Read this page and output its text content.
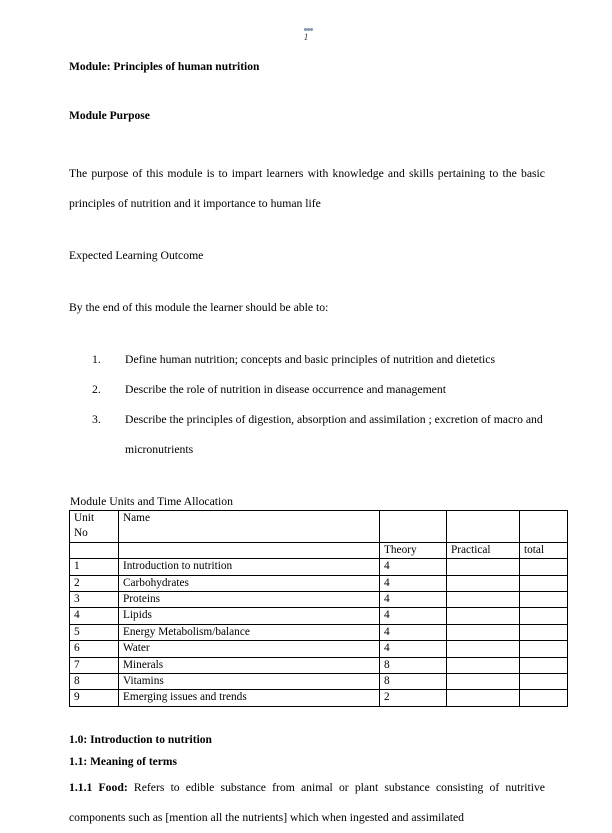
1
Module: Principles of human nutrition
Module Purpose

The purpose of this module is to impart learners with knowledge and skills pertaining to the basic principles of nutrition and it importance to human life

Expected Learning Outcome

By the end of this module the learner should be able to:

Define human nutrition; concepts and basic principles of nutrition and dietetics
Describe the role of nutrition in disease occurrence and management
Describe the principles of digestion, absorption and assimilation ; excretion of macro and micronutrients

Module Units and Time Allocation

Unit
No	Name			
		Theory	Practical	total
1	Introduction to nutrition	4		
2	Carbohydrates	4		
3	Proteins	4		
4	Lipids	4		
5	Energy Metabolism/balance	4		
6	Water	4		
7	Minerals	8		
8	Vitamins	8		
9	Emerging issues and trends	2		

1.0: Introduction to nutrition

1.1: Meaning of terms

1.1.1 Food: Refers to edible substance from animal or plant substance consisting of nutritive components such as [mention all the nutrients] which when ingested and assimilated
